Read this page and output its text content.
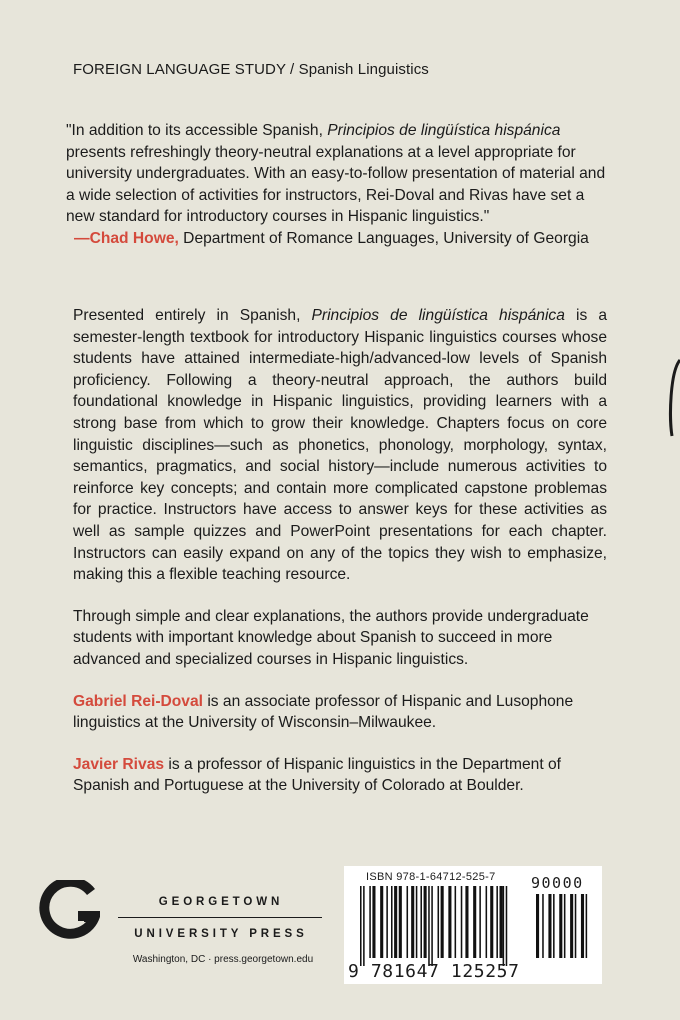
FOREIGN LANGUAGE STUDY / Spanish Linguistics

"In addition to its accessible Spanish, Principios de lingüística hispánica presents refreshingly theory-neutral explanations at a level appropriate for university undergraduates. With an easy-to-follow presentation of material and a wide selection of activities for instructors, Rei-Doval and Rivas have set a new standard for introductory courses in Hispanic linguistics."
—Chad Howe, Department of Romance Languages, University of Georgia

Presented entirely in Spanish, Principios de lingüística hispánica is a semester-length textbook for introductory Hispanic linguistics courses whose students have attained intermediate-high/advanced-low levels of Spanish proficiency. Following a theory-neutral approach, the authors build foundational knowledge in Hispanic linguistics, providing learners with a strong base from which to grow their knowledge. Chapters focus on core linguistic disciplines—such as phonetics, phonology, morphology, syntax, semantics, pragmatics, and social history—include numerous activities to reinforce key concepts; and contain more complicated capstone problemas for practice. Instructors have access to answer keys for these activities as well as sample quizzes and PowerPoint presentations for each chapter. Instructors can easily expand on any of the topics they wish to emphasize, making this a flexible teaching resource.

Through simple and clear explanations, the authors provide undergraduate students with important knowledge about Spanish to succeed in more advanced and specialized courses in Hispanic linguistics.

Gabriel Rei-Doval is an associate professor of Hispanic and Lusophone linguistics at the University of Wisconsin–Milwaukee.

Javier Rivas is a professor of Hispanic linguistics in the Department of Spanish and Portuguese at the University of Colorado at Boulder.

GEORGETOWN
UNIVERSITY PRESS
Washington, DC · press.georgetown.edu
ISBN 978-1-64712-525-7 90000
9 781647 125257
